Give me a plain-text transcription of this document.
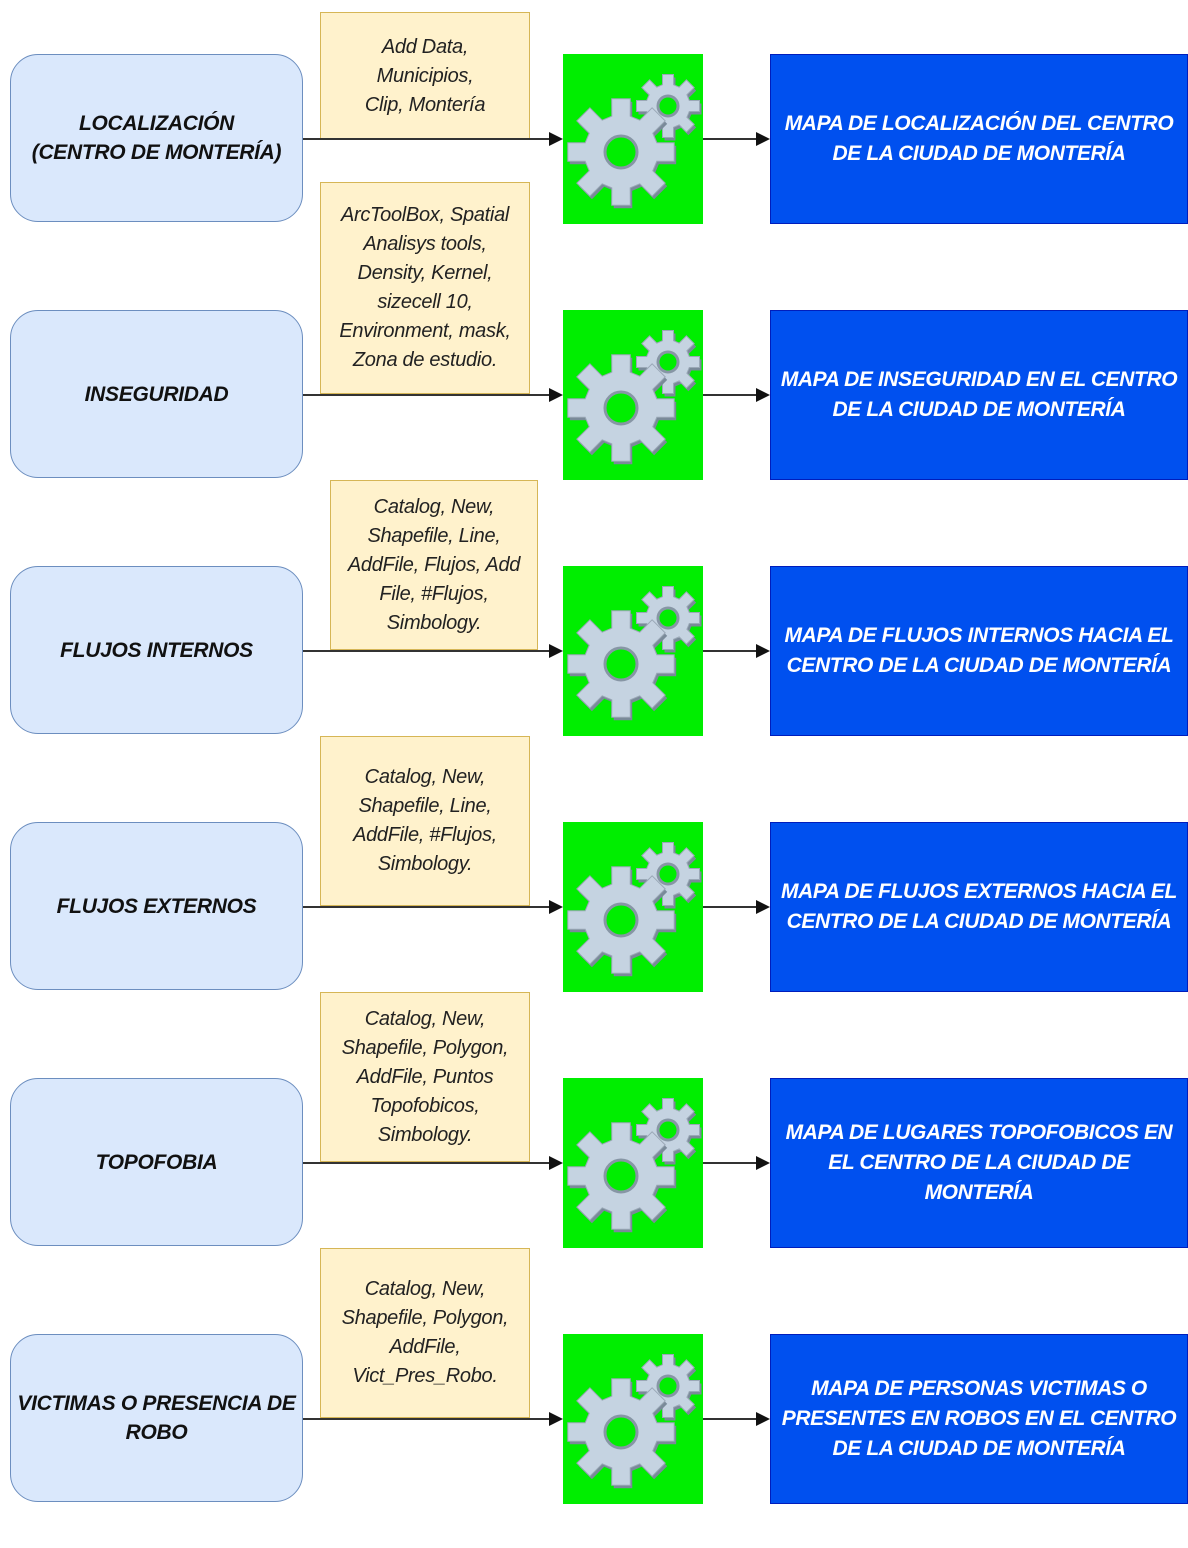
LOCALIZACIÓN
(CENTRO DE MONTERÍA)
Add Data,
Municipios,
Clip, Montería
MAPA DE LOCALIZACIÓN DEL CENTRO
DE LA CIUDAD DE MONTERÍA
INSEGURIDAD
ArcToolBox, Spatial
Analisys tools,
Density, Kernel,
sizecell 10,
Environment, mask,
Zona de estudio.
MAPA DE INSEGURIDAD EN EL CENTRO
DE LA CIUDAD DE MONTERÍA
FLUJOS INTERNOS
Catalog, New,
Shapefile, Line,
AddFile, Flujos, Add
File, #Flujos,
Simbology.
MAPA DE FLUJOS INTERNOS HACIA EL
CENTRO DE LA CIUDAD DE MONTERÍA
FLUJOS EXTERNOS
Catalog, New,
Shapefile, Line,
AddFile, #Flujos,
Simbology.
MAPA DE FLUJOS EXTERNOS HACIA EL
CENTRO DE LA CIUDAD DE MONTERÍA
TOPOFOBIA
Catalog, New,
Shapefile, Polygon,
AddFile, Puntos
Topofobicos,
Simbology.	MAPA DE LUGARES TOPOFOBICOS EN
EL CENTRO DE LA CIUDAD DE
MONTERÍA
VICTIMAS O PRESENCIA DE
ROBO
Catalog, New,
Shapefile, Polygon,
AddFile,
Vict_Pres_Robo.
MAPA DE PERSONAS VICTIMAS O
PRESENTES EN ROBOS EN EL CENTRO
DE LA CIUDAD DE MONTERÍA
